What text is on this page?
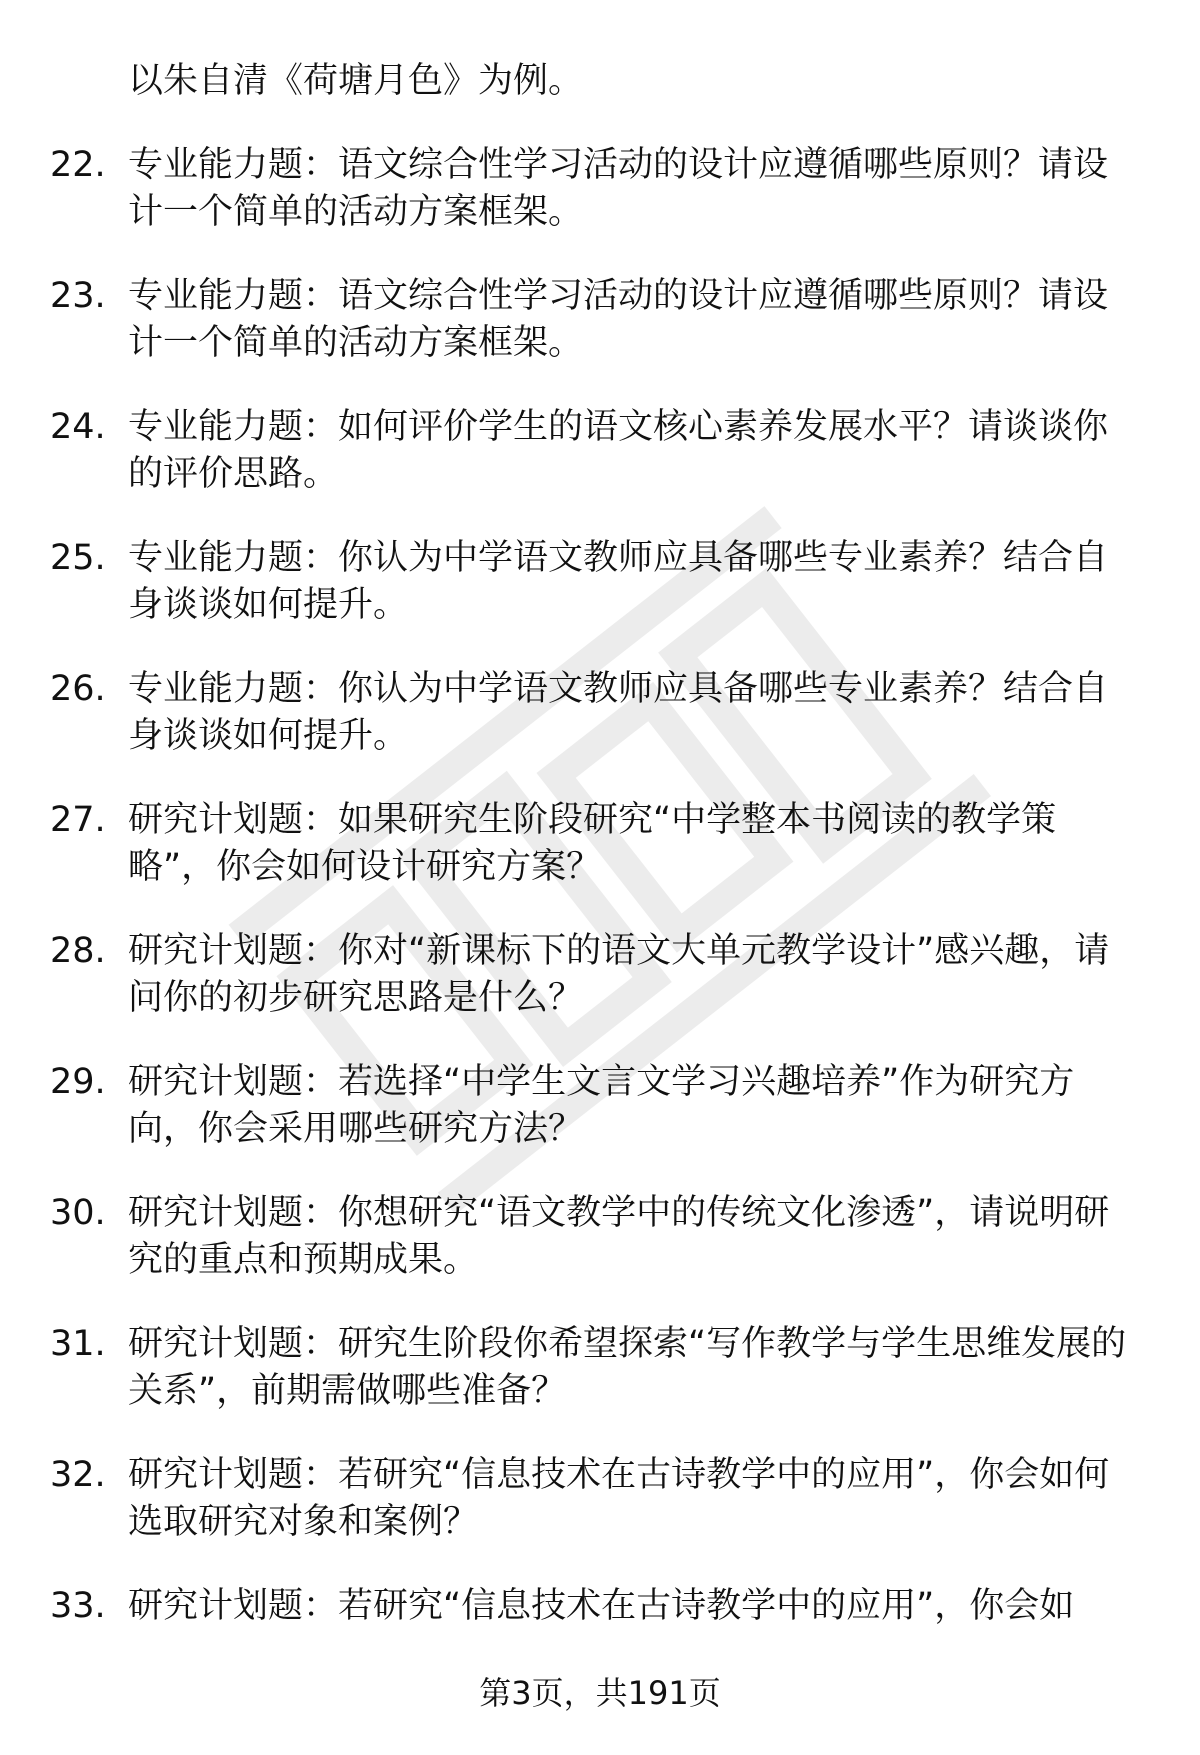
以朱自清《荷塘月色》为例。
22. 专业能力题：语文综合性学习活动的设计应遵循哪些原则？请设计一个简单的活动方案框架。
23. 专业能力题：语文综合性学习活动的设计应遵循哪些原则？请设计一个简单的活动方案框架。
24. 专业能力题：如何评价学生的语文核心素养发展水平？请谈谈你的评价思路。
25. 专业能力题：你认为中学语文教师应具备哪些专业素养？结合自身谈谈如何提升。
26. 专业能力题：你认为中学语文教师应具备哪些专业素养？结合自身谈谈如何提升。
27. 研究计划题：如果研究生阶段研究“中学整本书阅读的教学策略”，你会如何设计研究方案？
28. 研究计划题：你对“新课标下的语文大单元教学设计”感兴趣，请问你的初步研究思路是什么？
29. 研究计划题：若选择“中学生文言文学习兴趣培养”作为研究方向，你会采用哪些研究方法？
30. 研究计划题：你想研究“语文教学中的传统文化渗透”，请说明研究的重点和预期成果。
31. 研究计划题：研究生阶段你希望探索“写作教学与学生思维发展的关系”，前期需做哪些准备？
32. 研究计划题：若研究“信息技术在古诗教学中的应用”，你会如何选取研究对象和案例？
33. 研究计划题：若研究“信息技术在古诗教学中的应用”，你会如
第3页，共191页
